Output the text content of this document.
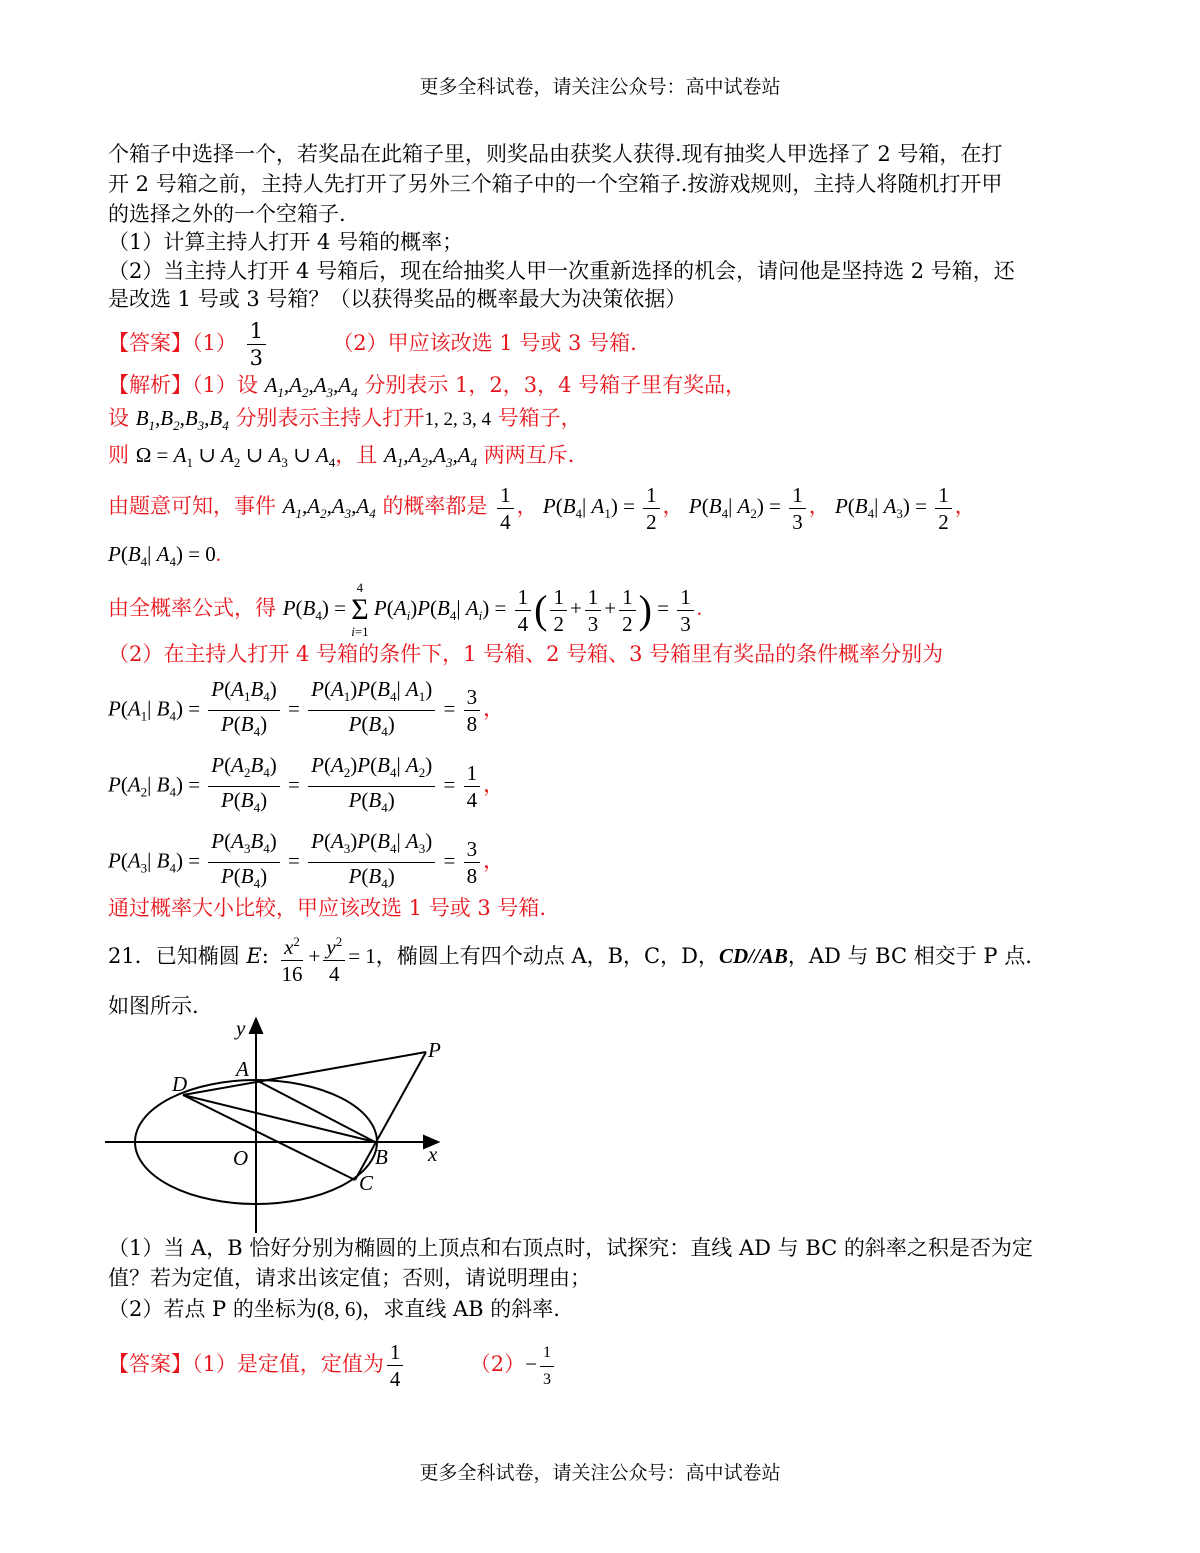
更多全科试卷，请关注公众号：高中试卷站
个箱子中选择一个，若奖品在此箱子里，则奖品由获奖人获得.现有抽奖人甲选择了 2 号箱，在打
开 2 号箱之前，主持人先打开了另外三个箱子中的一个空箱子.按游戏规则，主持人将随机打开甲
的选择之外的一个空箱子.
（1）计算主持人打开 4 号箱的概率；
（2）当主持人打开 4 号箱后，现在给抽奖人甲一次重新选择的机会，请问他是坚持选 2 号箱，还
是改选 1 号或 3 号箱？（以获得奖品的概率最大为决策依据）
【答案】$(1) \frac{1}{3}$	（2）甲应该改选 1 号或 3 号箱.
【解析】（1）设 $A_1,A_2,A_3,A_4$ 分别表示 1，2，3，4 号箱子里有奖品，
设 $B_1,B_2,B_3,B_4$ 分别表示主持人打开1, 2, 3, 4 号箱子，
则 $\Omega = A_1$ ∪ $A_2$ ∪ $A_3$ ∪ $A_4$，且 $A_1,A_2,A_3,A_4$ 两两互斥.
由题意可知，事件 $A_1,A_2,A_3,A_4$ 的概率都是 $\frac{1}{4}$ ， $P(B_4|$ $A_1) = \frac{1}{2}$ ， $P(B_4|$ $A_2) = \frac{1}{3}$ ， $P(B_4|$ $A_3) = \frac{1}{2}$ ，
$P(B_4|$ $A_4) = 0$.
由全概率公式，得 $P(B_4)$ =
4
Σ
i=1
$P(A_i)P(B_4|$ $A_i) = \frac{1}{4}$ ( $\frac{1}{2} + \frac{1}{3} + \frac{1}{2}$ ) = $\frac{1}{3}$ .
（2）在主持人打开 4 号箱的条件下，1 号箱、2 号箱、3 号箱里有奖品的条件概率分别为
$P(A_1|$ $B_4) = \frac{P(A_1B_4)}{P(B_4)} = \frac{P(A_1)P(B_4| A_1)}{P(B_4)} = \frac{3}{8}$ ，
$P(A_2|$ $B_4) = \frac{P(A_2B_4)}{P(B_4)} = \frac{P(A_2)P(B_4| A_2)}{P(B_4)} = \frac{1}{4}$ ，
$P(A_3|$ $B_4) = \frac{P(A_3B_4)}{P(B_4)} = \frac{P(A_3)P(B_4| A_3)}{P(B_4)} = \frac{3}{8}$ ，
通过概率大小比较，甲应该改选 1 号或 3 号箱.
21．已知椭圆 E: $\frac{x^2}{16} + \frac{y^2}{4} = 1$，椭圆上有四个动点 A，B，C，D，CD//AB，AD 与 BC 相交于 P 点.
如图所示.
y
x
A
D
B
C
O
P
（1）当 A，B 恰好分别为椭圆的上顶点和右顶点时，试探究：直线 AD 与 BC 的斜率之积是否为定
值？若为定值，请求出该定值；否则，请说明理由；
（2）若点 P 的坐标为(8, 6)，求直线 AB 的斜率.
【答案】（1）是定值，定值为 $\frac{1}{4}$	$(2)- \frac{1}{3}$
更多全科试卷，请关注公众号：高中试卷站
